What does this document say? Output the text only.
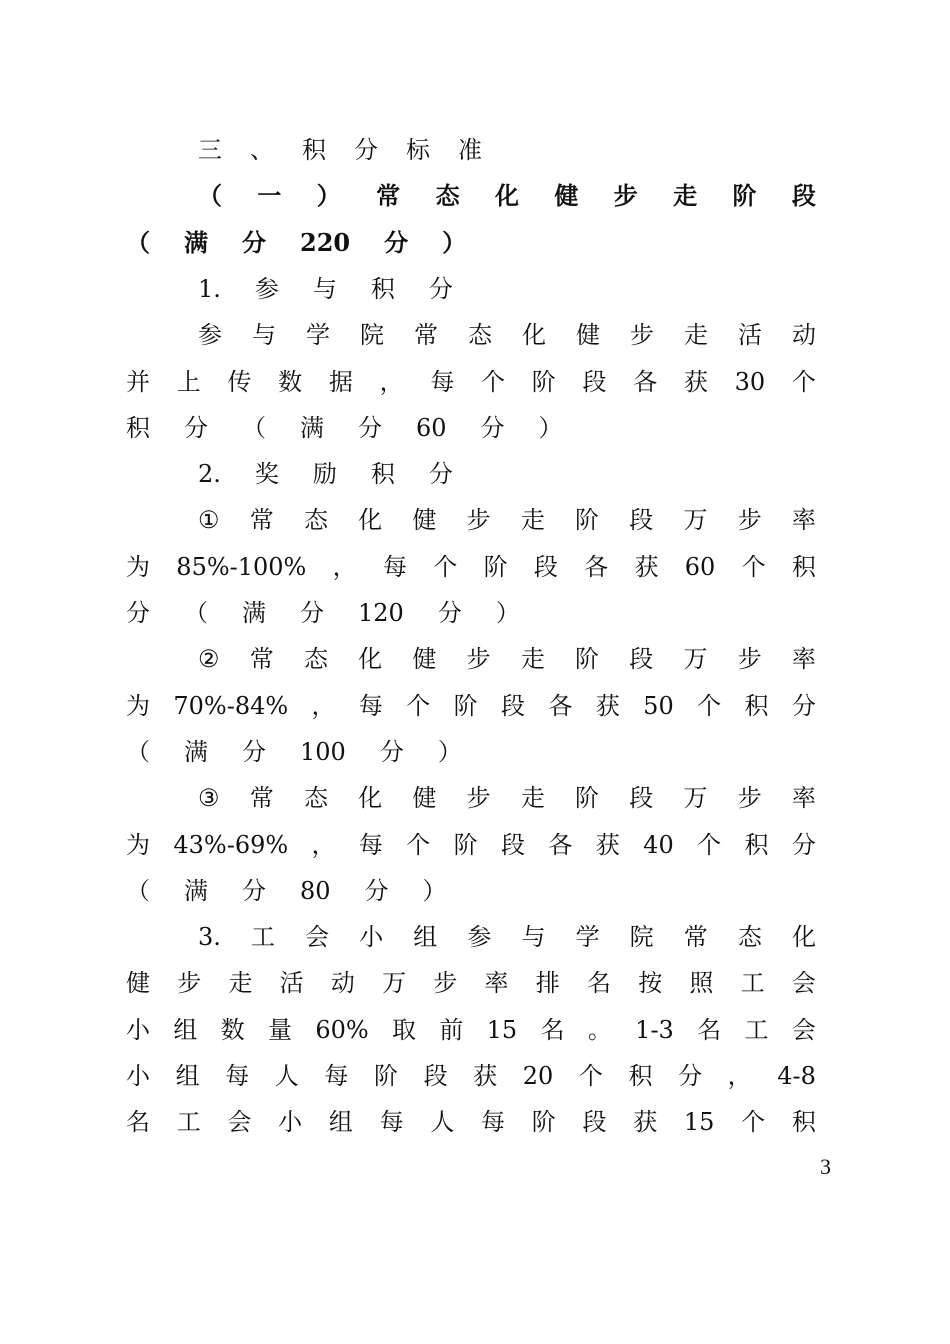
三 、 积 分 标 准
（ 一 ） 常 态 化 健 步 走 阶 段
（ 满 分 220 分 ）
1. 参 与 积 分
参 与 学 院 常 态 化 健 步 走 活 动
并 上 传 数 据 ， 每 个 阶 段 各 获 30 个
积 分 （ 满 分 60 分 ）
2. 奖 励 积 分
① 常 态 化 健 步 走 阶 段 万 步 率
为 85%-100% ， 每 个 阶 段 各 获 60 个 积
分 （ 满 分 120 分 ）
② 常 态 化 健 步 走 阶 段 万 步 率
为 70%-84% ， 每 个 阶 段 各 获 50 个 积 分
（ 满 分 100 分 ）
③ 常 态 化 健 步 走 阶 段 万 步 率
为 43%-69% ， 每 个 阶 段 各 获 40 个 积 分
（ 满 分 80 分 ）
3. 工 会 小 组 参 与 学 院 常 态 化
健 步 走 活 动 万 步 率 排 名 按 照 工 会
小 组 数 量 60% 取 前 15 名 。 1-3 名 工 会
小 组 每 人 每 阶 段 获 20 个 积 分 ， 4-8
名 工 会 小 组 每 人 每 阶 段 获 15 个 积
3
